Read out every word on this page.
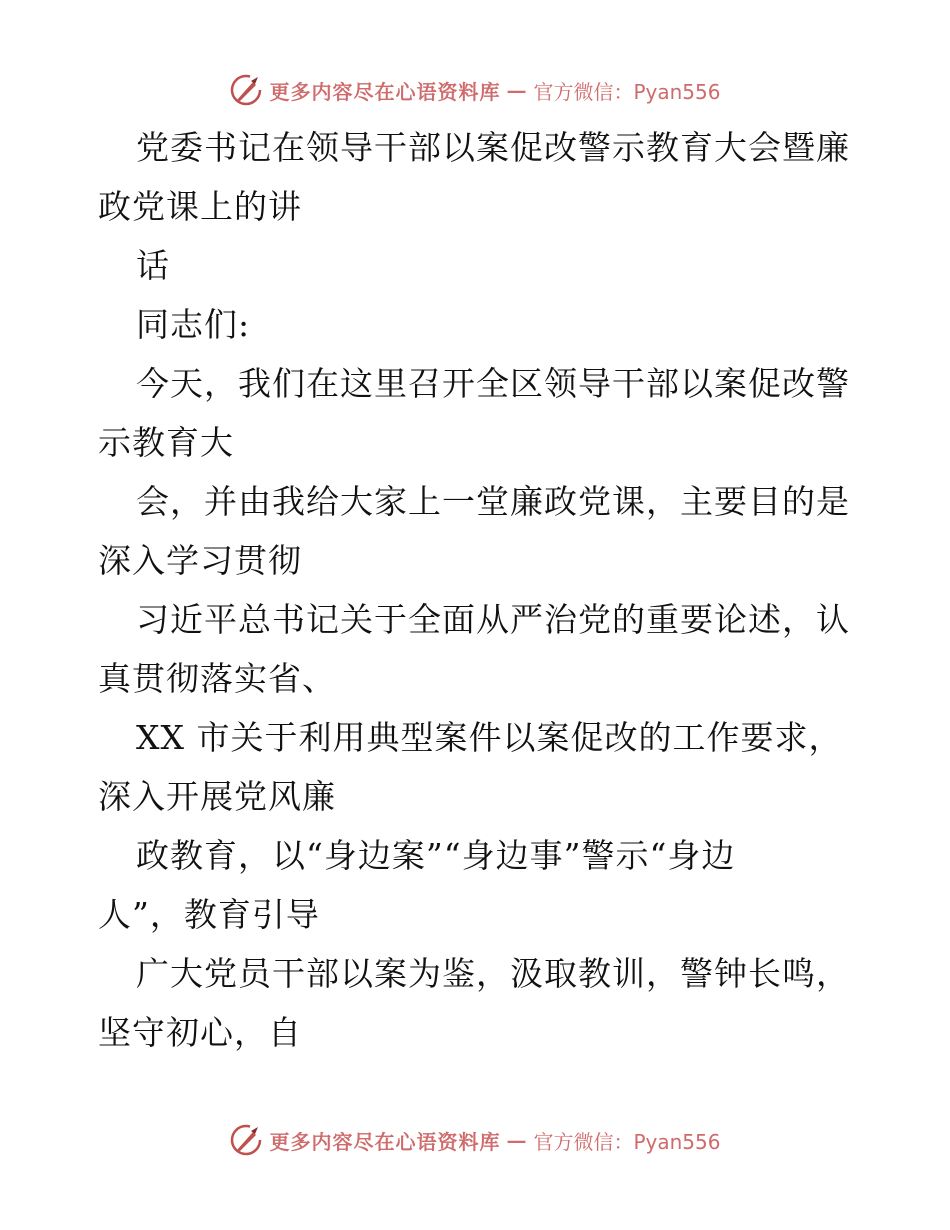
更多内容尽在心语资料库 — 官方微信：Pyan556
党委书记在领导干部以案促改警示教育大会暨廉
政党课上的讲
话
同志们:
今天，我们在这里召开全区领导干部以案促改警
示教育大
会，并由我给大家上一堂廉政党课，主要目的是
深入学习贯彻
习近平总书记关于全面从严治党的重要论述，认
真贯彻落实省、
XX 市关于利用典型案件以案促改的工作要求，
深入开展党风廉
政教育，以“身边案”“身边事”警示“身边
人”，教育引导
广大党员干部以案为鉴，汲取教训，警钟长鸣，
坚守初心，自
更多内容尽在心语资料库 — 官方微信：Pyan556
